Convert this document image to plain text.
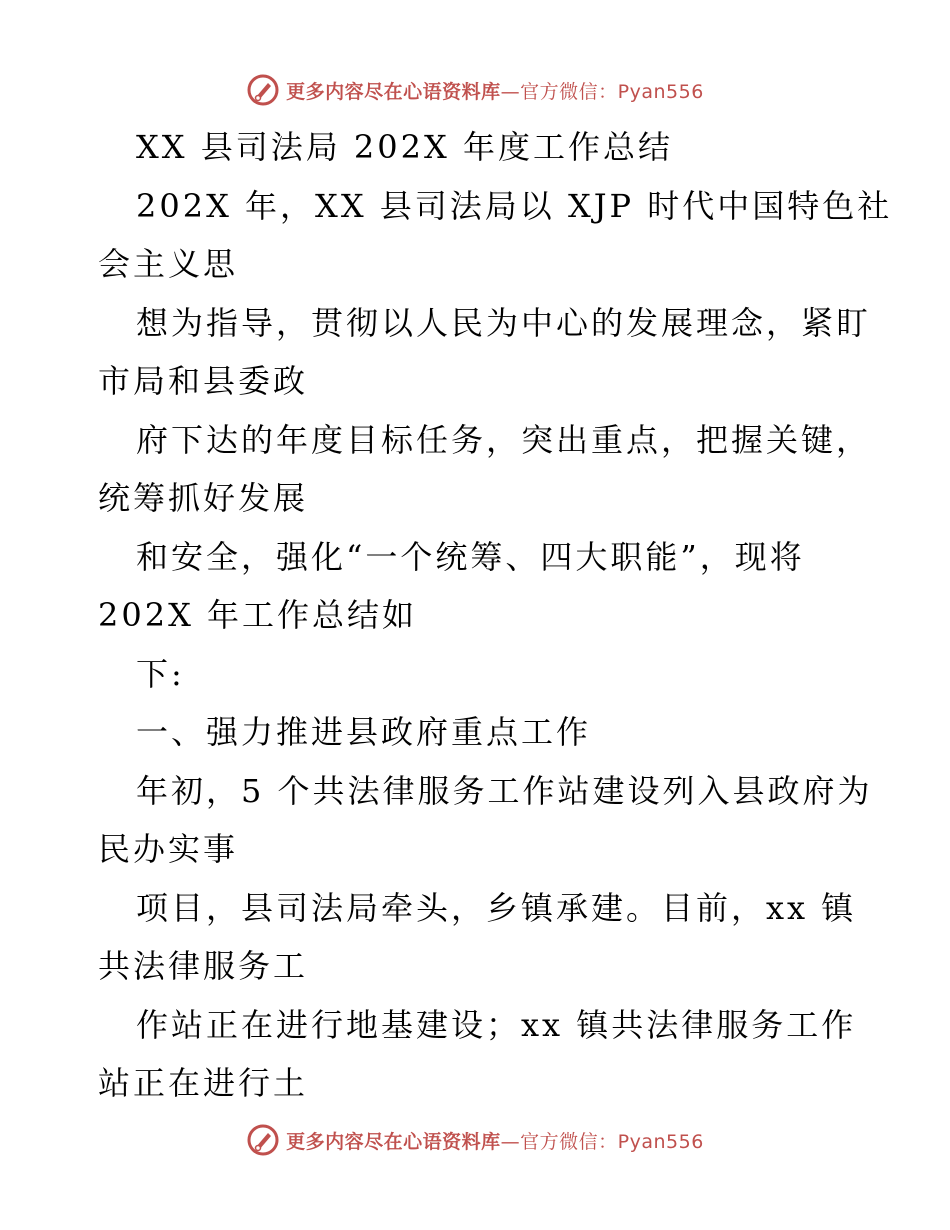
更多内容尽在心语资料库—官方微信：Pyan556
XX 县司法局 202X 年度工作总结
202X 年，XX 县司法局以 XJP 时代中国特色社
会主义思
想为指导，贯彻以人民为中心的发展理念，紧盯
市局和县委政
府下达的年度目标任务，突出重点，把握关键，
统筹抓好发展
和安全，强化“一个统筹、四大职能”，现将
202X 年工作总结如
下:
一、强力推进县政府重点工作
年初，5 个共法律服务工作站建设列入县政府为
民办实事
项目，县司法局牵头，乡镇承建。目前，xx 镇
共法律服务工
作站正在进行地基建设；xx 镇共法律服务工作
站正在进行土
更多内容尽在心语资料库—官方微信：Pyan556
